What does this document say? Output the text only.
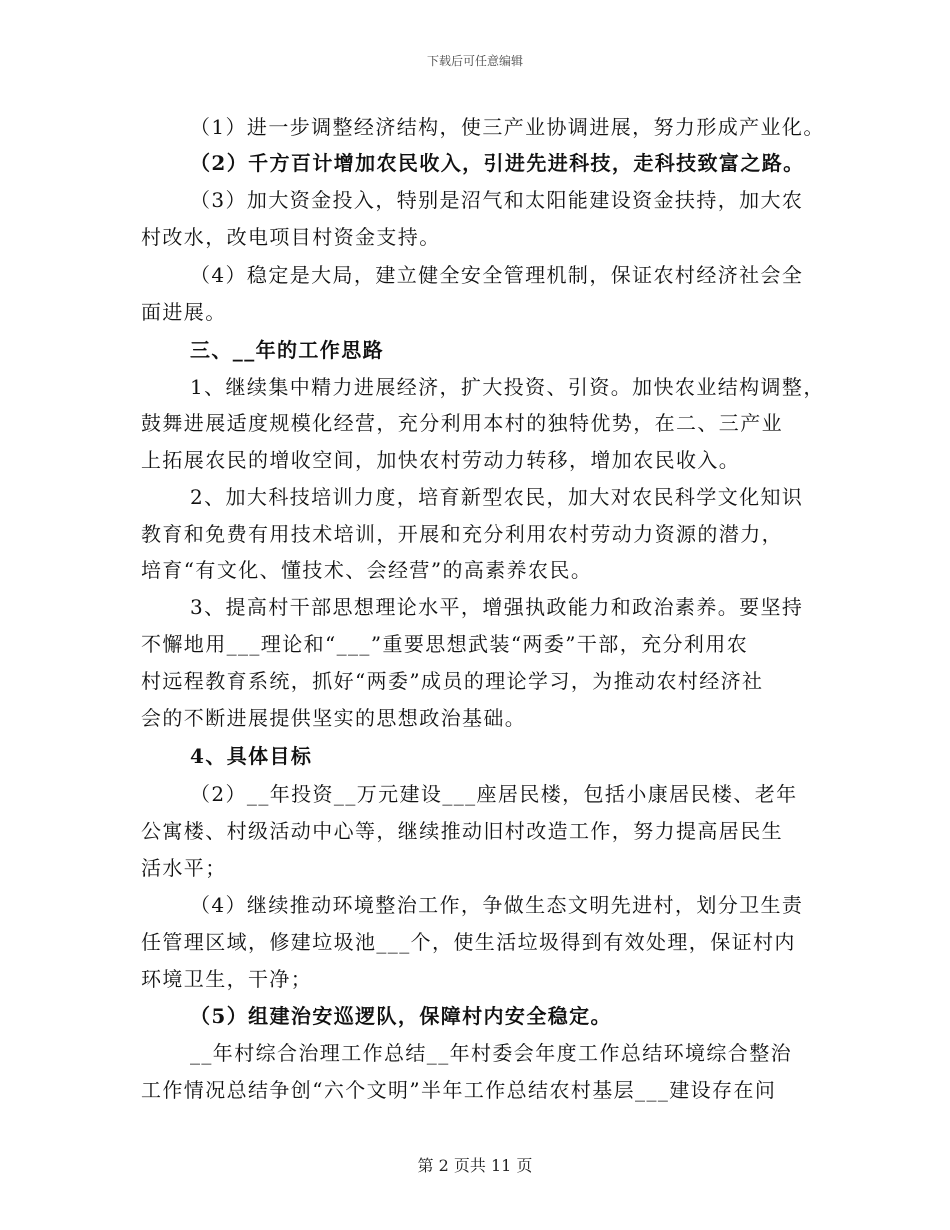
下载后可任意编辑
（1）进一步调整经济结构，使三产业协调进展，努力形成产业化。
（2）千方百计增加农民收入，引进先进科技，走科技致富之路。
（3）加大资金投入，特别是沼气和太阳能建设资金扶持，加大农
村改水，改电项目村资金支持。
（4）稳定是大局，建立健全安全管理机制，保证农村经济社会全
面进展。
三、__年的工作思路
1、继续集中精力进展经济，扩大投资、引资。加快农业结构调整，
鼓舞进展适度规模化经营，充分利用本村的独特优势，在二、三产业
上拓展农民的增收空间，加快农村劳动力转移，增加农民收入。
2、加大科技培训力度，培育新型农民，加大对农民科学文化知识
教育和免费有用技术培训，开展和充分利用农村劳动力资源的潜力，
培育“有文化、懂技术、会经营”的高素养农民。
3、提高村干部思想理论水平，增强执政能力和政治素养。要坚持
不懈地用___理论和“___”重要思想武装“两委”干部，充分利用农
村远程教育系统，抓好“两委”成员的理论学习，为推动农村经济社
会的不断进展提供坚实的思想政治基础。
4、具体目标
（2）__年投资__万元建设___座居民楼，包括小康居民楼、老年
公寓楼、村级活动中心等，继续推动旧村改造工作，努力提高居民生
活水平；
（4）继续推动环境整治工作，争做生态文明先进村，划分卫生责
任管理区域，修建垃圾池___个，使生活垃圾得到有效处理，保证村内
环境卫生，干净；
（5）组建治安巡逻队，保障村内安全稳定。
__年村综合治理工作总结__年村委会年度工作总结环境综合整治
工作情况总结争创“六个文明”半年工作总结农村基层___建设存在问
第 2 页共 11 页
